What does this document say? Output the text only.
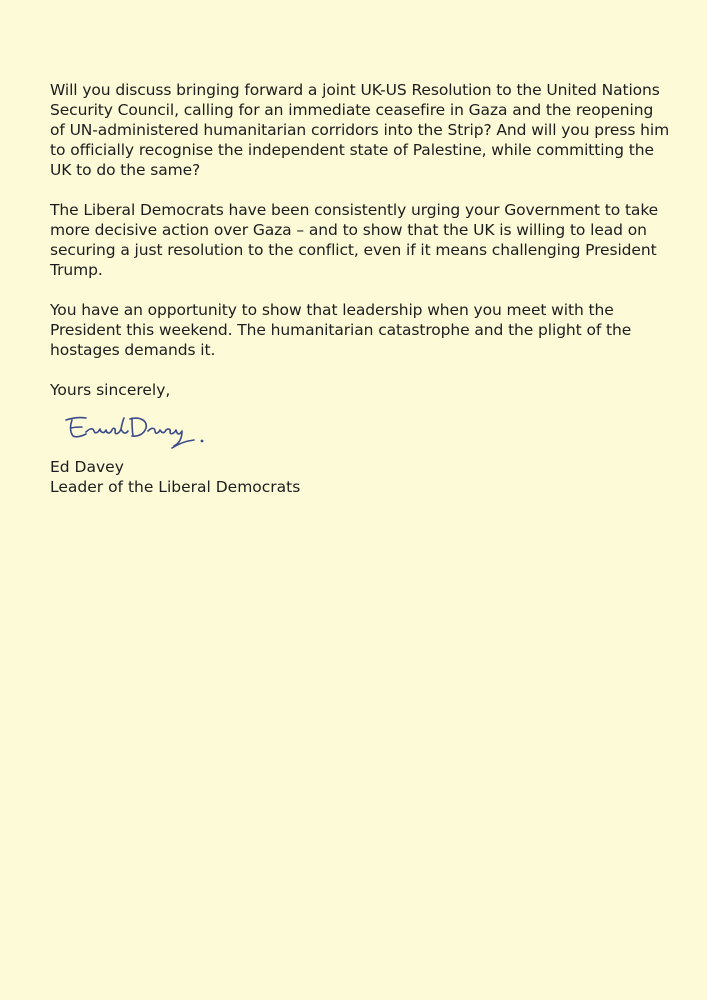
Will you discuss bringing forward a joint UK-US Resolution to the United Nations Security Council, calling for an immediate ceasefire in Gaza and the reopening of UN-administered humanitarian corridors into the Strip? And will you press him to officially recognise the independent state of Palestine, while committing the UK to do the same?

The Liberal Democrats have been consistently urging your Government to take more decisive action over Gaza – and to show that the UK is willing to lead on securing a just resolution to the conflict, even if it means challenging President Trump.

You have an opportunity to show that leadership when you meet with the President this weekend. The humanitarian catastrophe and the plight of the hostages demands it.

Yours sincerely,

Ed Davey

Leader of the Liberal Democrats
